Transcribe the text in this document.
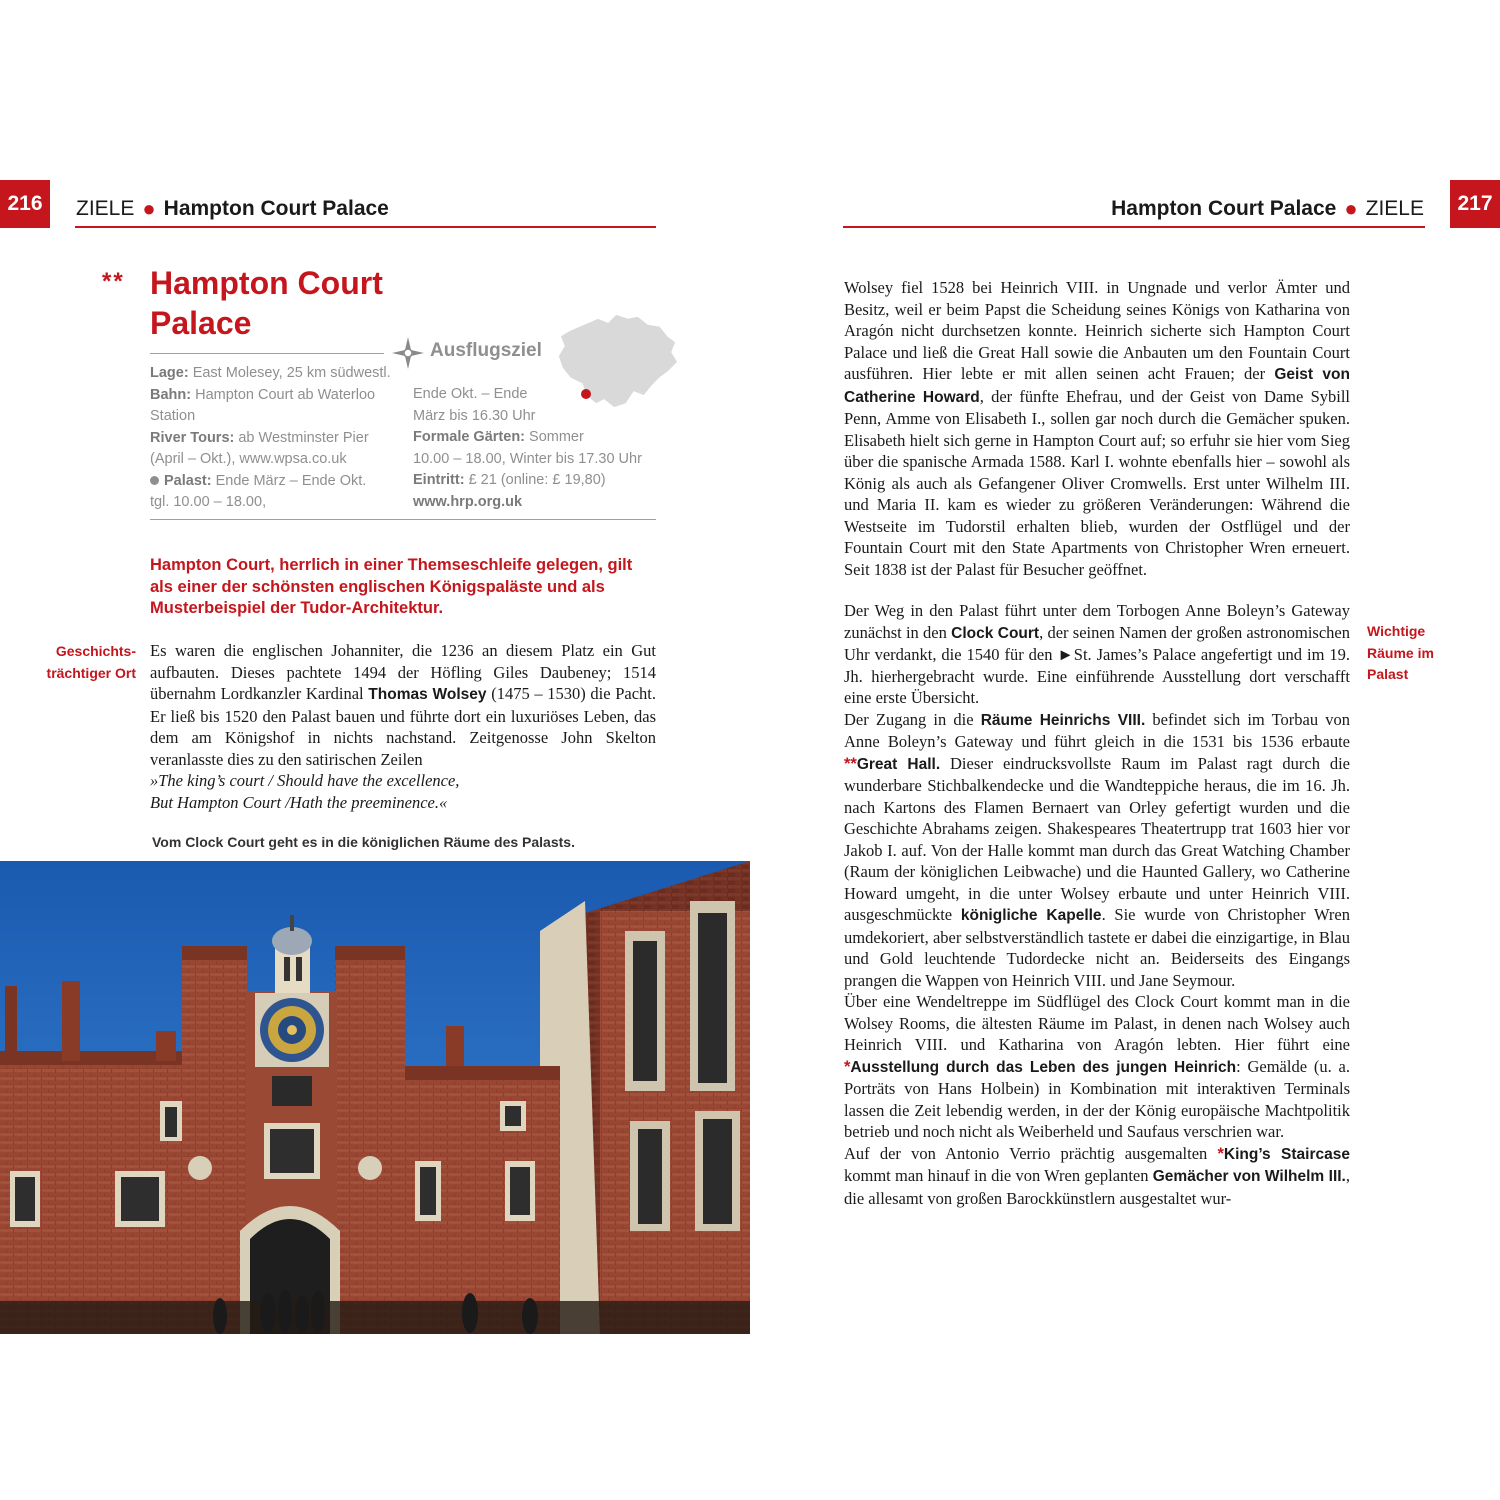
216	ZIELE ● Hampton Court Palace
** Hampton Court
Palace
Ausflugsziel
Lage: East Molesey, 25 km südwestl.
Bahn: Hampton Court ab Waterloo
Station
River Tours: ab Westminster Pier
(April – Okt.), www.wpsa.co.uk
Palast: Ende März – Ende Okt.
tgl. 10.00 – 18.00,
Ende Okt. – Ende
März bis 16.30 Uhr
Formale Gärten: Sommer
10.00 – 18.00, Winter bis 17.30 Uhr
Eintritt: £ 21 (online: £ 19,80)
www.hrp.org.uk
Hampton Court, herrlich in einer Themseschleife gelegen, gilt als einer der schönsten englischen Königspaläste und als Musterbeispiel der Tudor-Architektur.
Geschichts-
trächtiger Ort

Es waren die englischen Johanniter, die 1236 an diesem Platz ein Gut aufbauten. Dieses pachtete 1494 der Höfling Giles Daubeney; 1514 übernahm Lordkanzler Kardinal Thomas Wolsey (1475 – 1530) die Pacht. Er ließ bis 1520 den Palast bauen und führte dort ein luxuriöses Leben, das dem am Königshof in nichts nachstand. Zeitgenosse John Skelton veranlasste dies zu den satirischen Zeilen

»The king’s court / Should have the excellence,

But Hampton Court /Hath the preeminence.«

Vom Clock Court geht es in die königlichen Räume des Palasts.
217
Hampton Court Palace ● ZIELE

Wolsey fiel 1528 bei Heinrich VIII. in Ungnade und verlor Ämter und Besitz, weil er beim Papst die Scheidung seines Königs von Katharina von Aragón nicht durchsetzen konnte. Heinrich sicherte sich Hampton Court Palace und ließ die Great Hall sowie die Anbauten um den Fountain Court ausführen. Hier lebte er mit allen seinen acht Frauen; der Geist von Catherine Howard, der fünfte Ehefrau, und der Geist von Dame Sybill Penn, Amme von Elisabeth I., sollen gar noch durch die Gemächer spuken. Elisabeth hielt sich gerne in Hampton Court auf; so erfuhr sie hier vom Sieg über die spanische Armada 1588. Karl I. wohnte ebenfalls hier – sowohl als König als auch als Gefangener Oliver Cromwells. Erst unter Wilhelm III. und Maria II. kam es wieder zu größeren Veränderungen: Während die Westseite im Tudorstil erhalten blieb, wurden der Ostflügel und der Fountain Court mit den State Apartments von Christopher Wren erneuert. Seit 1838 ist der Palast für Besucher geöffnet.

Der Weg in den Palast führt unter dem Torbogen Anne Boleyn’s Gateway zunächst in den Clock Court, der seinen Namen der großen astronomischen Uhr verdankt, die 1540 für den ►St. James’s Palace angefertigt und im 19. Jh. hierhergebracht wurde. Eine einführende Ausstellung dort verschafft eine erste Übersicht.

Der Zugang in die Räume Heinrichs VIII. befindet sich im Torbau von Anne Boleyn’s Gateway und führt gleich in die 1531 bis 1536 erbaute **Great Hall. Dieser eindrucksvollste Raum im Palast ragt durch die wunderbare Stichbalkendecke und die Wandteppiche heraus, die im 16. Jh. nach Kartons des Flamen Bernaert van Orley gefertigt wurden und die Geschichte Abrahams zeigen. Shakespeares Theatertrupp trat 1603 hier vor Jakob I. auf. Von der Halle kommt man durch das Great Watching Chamber (Raum der königlichen Leibwache) und die Haunted Gallery, wo Catherine Howard umgeht, in die unter Wolsey erbaute und unter Heinrich VIII. ausgeschmückte königliche Kapelle. Sie wurde von Christopher Wren umdekoriert, aber selbstverständlich tastete er dabei die einzigartige, in Blau und Gold leuchtende Tudordecke nicht an. Beiderseits des Eingangs prangen die Wappen von Heinrich VIII. und Jane Seymour.

Über eine Wendeltreppe im Südflügel des Clock Court kommt man in die Wolsey Rooms, die ältesten Räume im Palast, in denen nach Wolsey auch Heinrich VIII. und Katharina von Aragón lebten. Hier führt eine *Ausstellung durch das Leben des jungen Heinrich: Gemälde (u. a. Porträts von Hans Holbein) in Kombination mit interaktiven Terminals lassen die Zeit lebendig werden, in der der König europäische Machtpolitik betrieb und noch nicht als Weiberheld und Saufaus verschrien war.

Auf der von Antonio Verrio prächtig ausgemalten *King’s Staircase kommt man hinauf in die von Wren geplanten Gemächer von Wilhelm III., die allesamt von großen Barockkünstlern ausgestaltet wur-

Wichtige
Räume im
Palast
